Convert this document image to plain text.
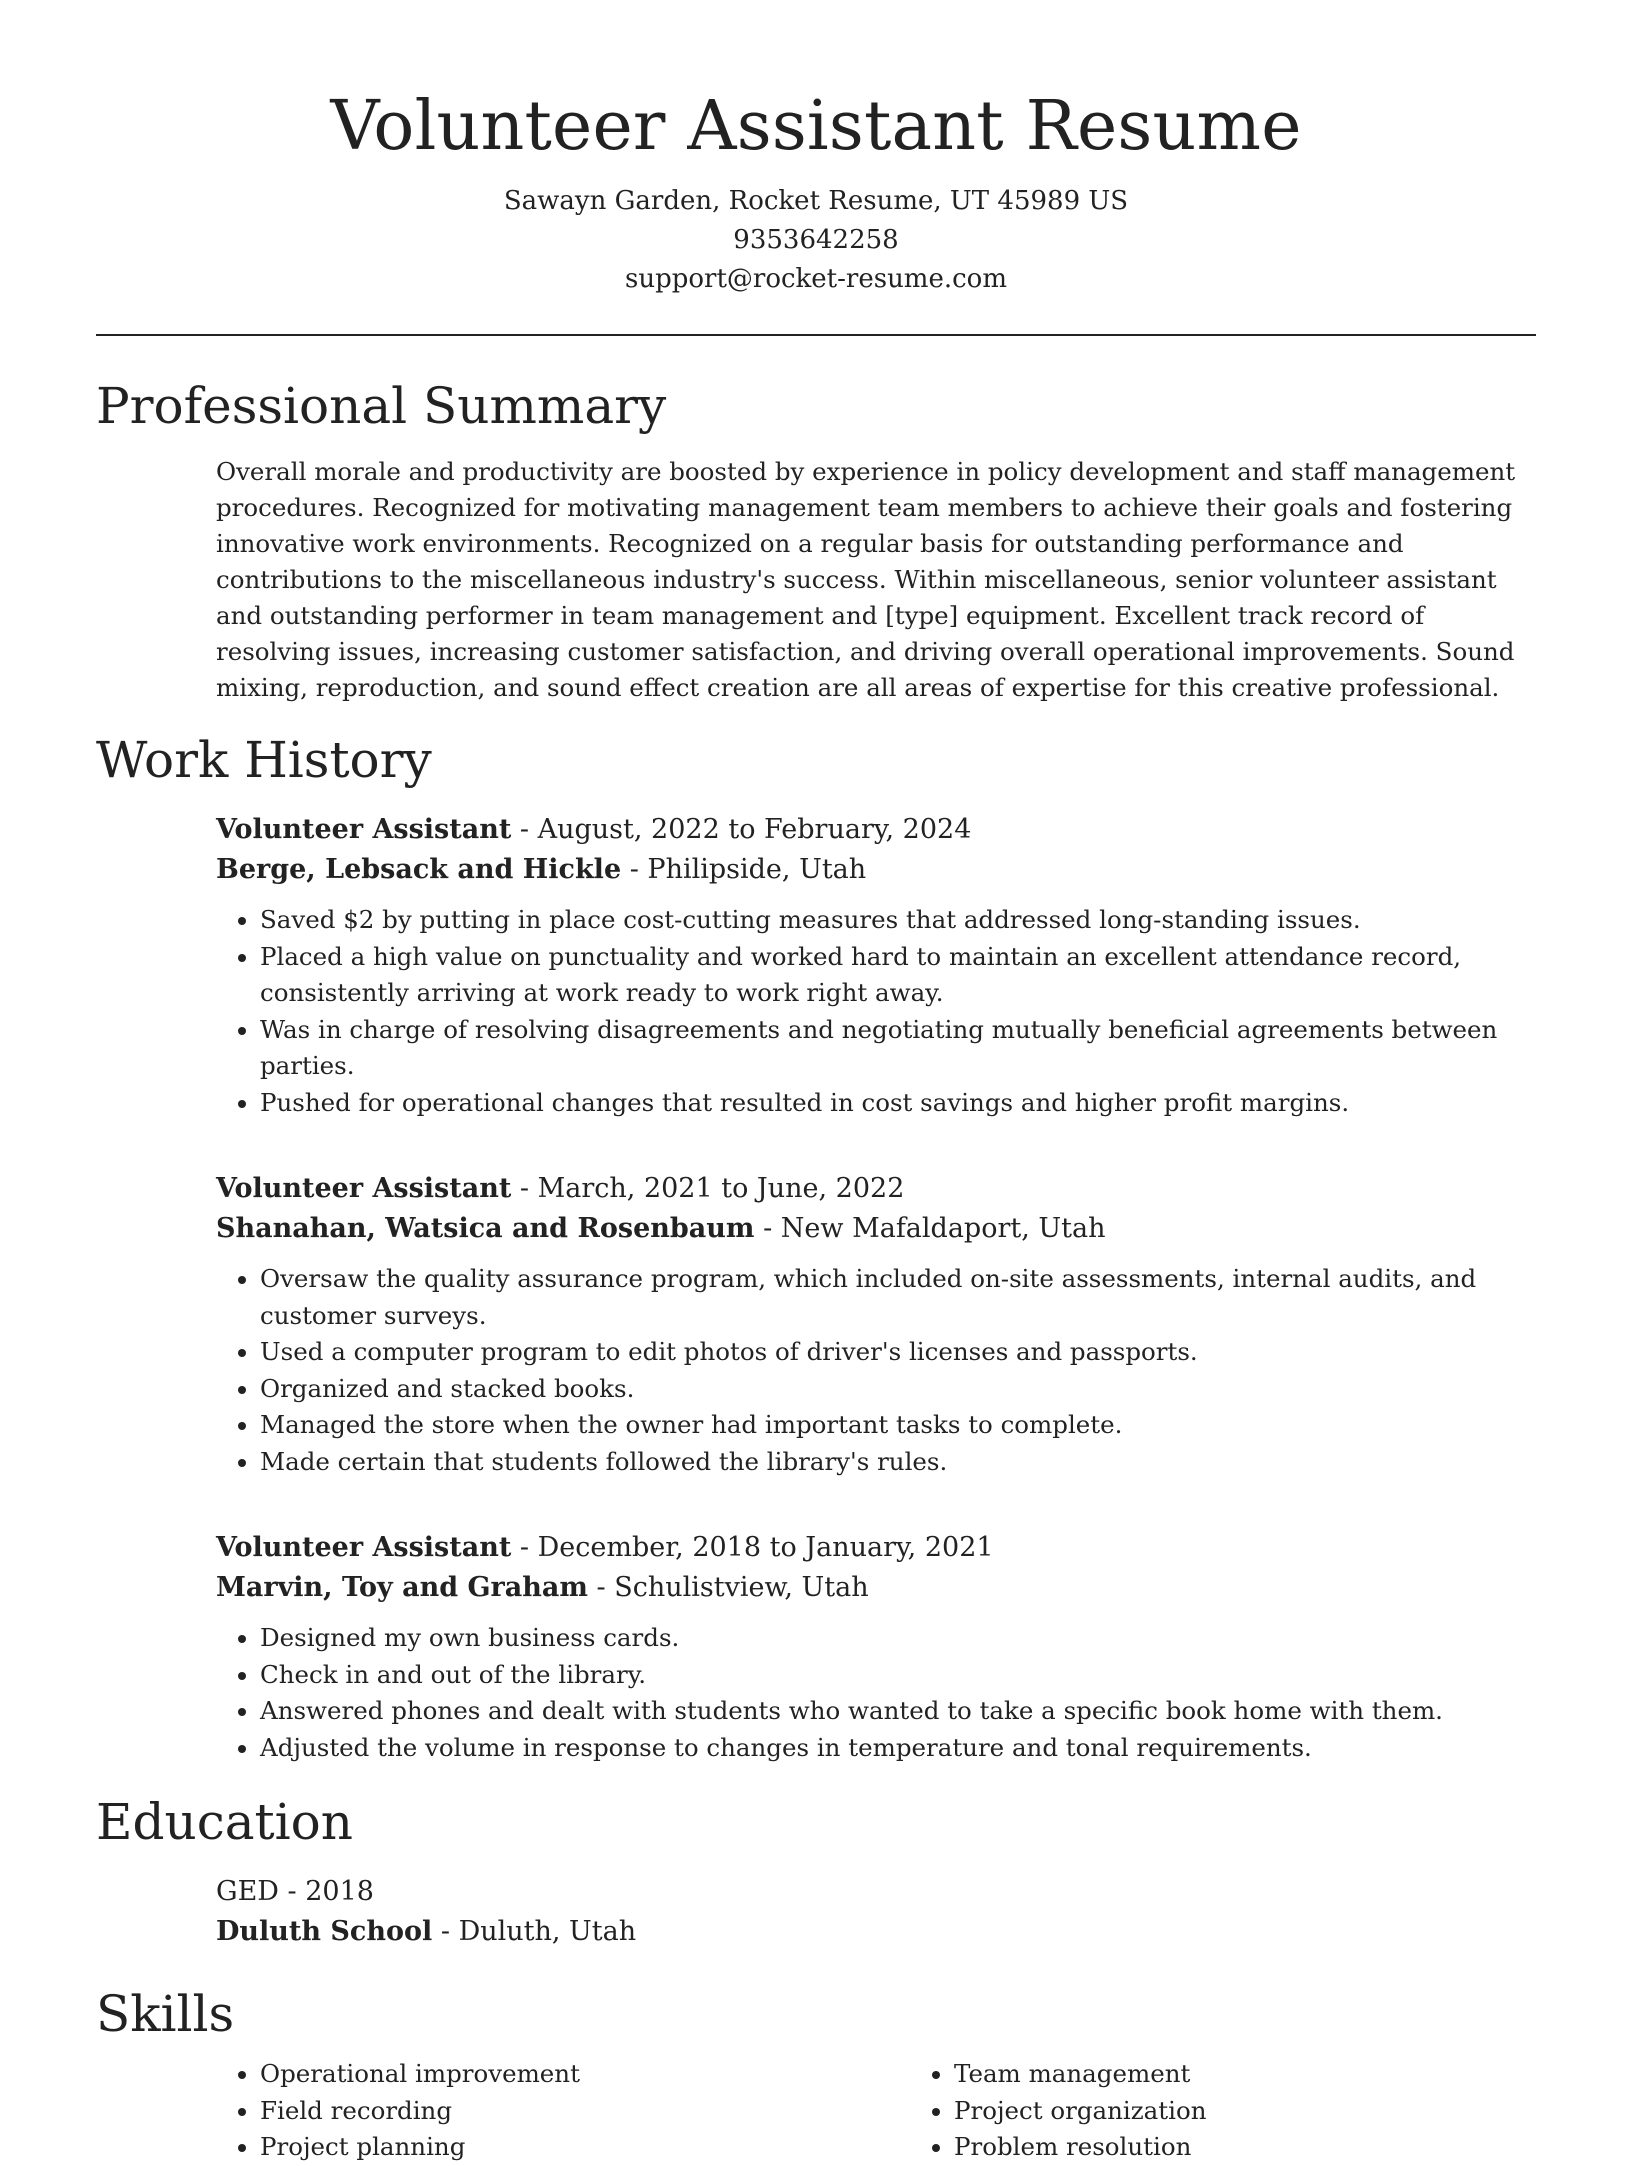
Volunteer Assistant Resume
Sawayn Garden, Rocket Resume, UT 45989 US
9353642258
support@rocket-resume.com
Professional Summary
Overall morale and productivity are boosted by experience in policy development and staff management procedures. Recognized for motivating management team members to achieve their goals and fostering innovative work environments. Recognized on a regular basis for outstanding performance and contributions to the miscellaneous industry's success. Within miscellaneous, senior volunteer assistant and outstanding performer in team management and [type] equipment. Excellent track record of resolving issues, increasing customer satisfaction, and driving overall operational improvements. Sound mixing, reproduction, and sound effect creation are all areas of expertise for this creative professional.
Work History
Volunteer Assistant - August, 2022 to February, 2024
Berge, Lebsack and Hickle - Philipside, Utah
• Saved $2 by putting in place cost-cutting measures that addressed long-standing issues.
• Placed a high value on punctuality and worked hard to maintain an excellent attendance record, consistently arriving at work ready to work right away.
• Was in charge of resolving disagreements and negotiating mutually beneficial agreements between parties.
• Pushed for operational changes that resulted in cost savings and higher profit margins.
Volunteer Assistant - March, 2021 to June, 2022
Shanahan, Watsica and Rosenbaum - New Mafaldaport, Utah
• Oversaw the quality assurance program, which included on-site assessments, internal audits, and customer surveys.
• Used a computer program to edit photos of driver's licenses and passports.
• Organized and stacked books.
• Managed the store when the owner had important tasks to complete.
• Made certain that students followed the library's rules.
Volunteer Assistant - December, 2018 to January, 2021
Marvin, Toy and Graham - Schulistview, Utah
• Designed my own business cards.
• Check in and out of the library.
• Answered phones and dealt with students who wanted to take a specific book home with them.
• Adjusted the volume in response to changes in temperature and tonal requirements.
Education
GED - 2018
Duluth School - Duluth, Utah
Skills
• Operational improvement
• Field recording
• Project planning
• Team management
• Project organization
• Problem resolution
